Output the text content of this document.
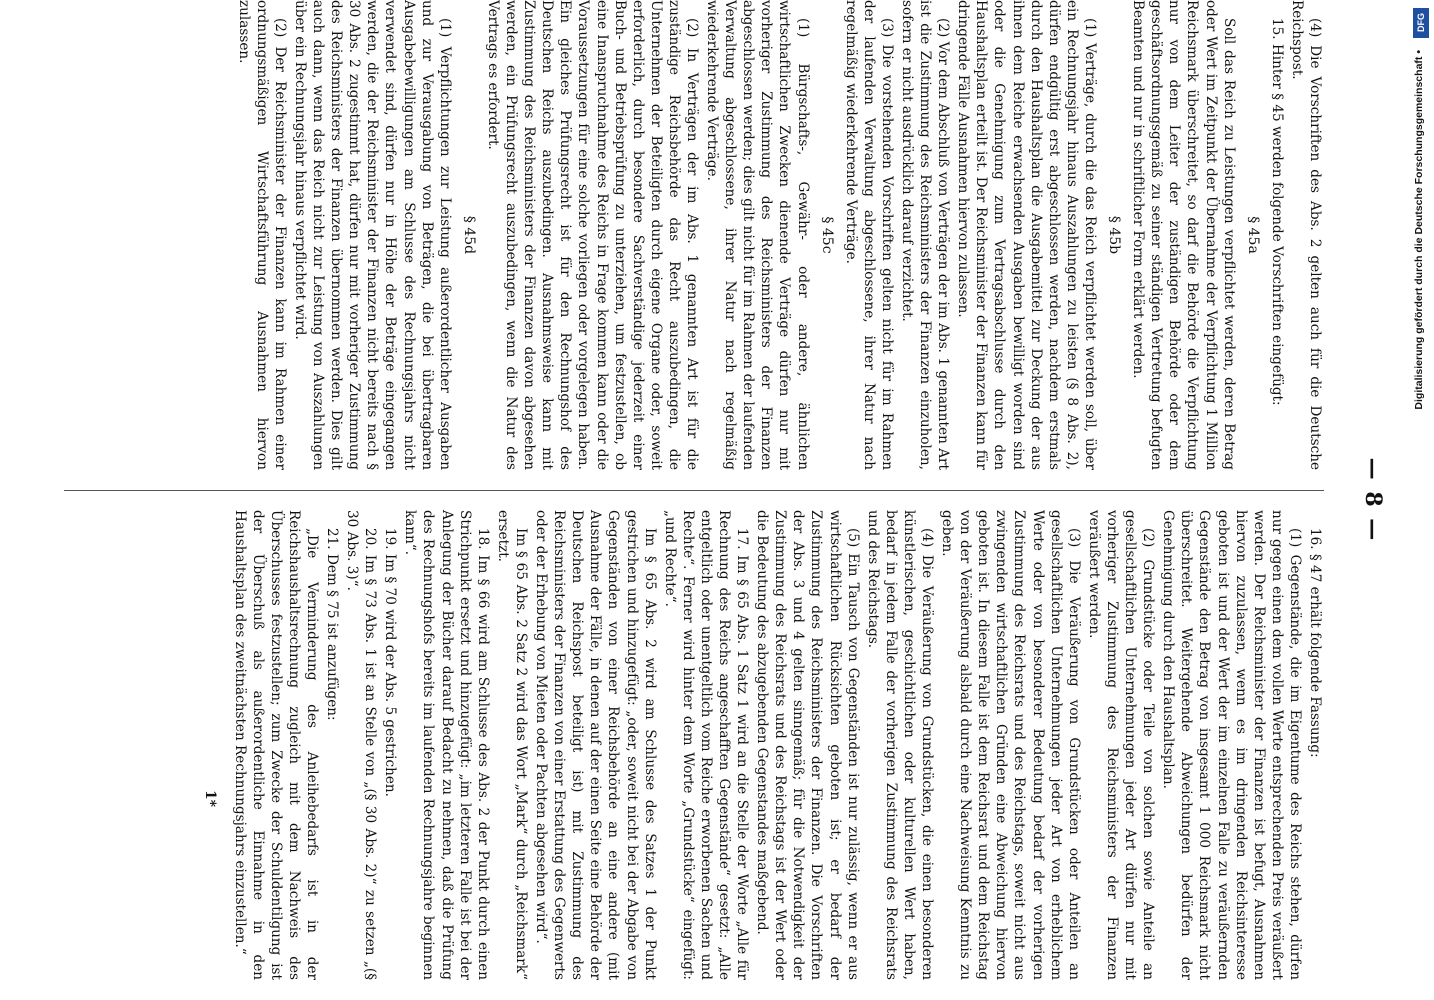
— 8 —

(4) Die Vorschriften des Abs. 2 gelten auch für die Deutsche Reichspost.

15. Hinter § 45 werden folgende Vorschriften eingefügt:

§ 45a

Soll das Reich zu Leistungen verpflichtet werden, deren Betrag oder Wert im Zeitpunkt der Übernahme der Verpflichtung 1 Million Reichsmark überschreitet, so darf die Behörde die Verpflichtung nur von dem Leiter der zuständigen Behörde oder dem geschäftsordnungsgemäß zu seiner ständigen Vertretung befugten Beamten und nur in schriftlicher Form erklärt werden.

§ 45b

(1) Verträge, durch die das Reich verpflichtet werden soll, über ein Rechnungsjahr hinaus Auszahlungen zu leisten (§ 8 Abs. 2), dürfen endgültig erst abgeschlossen werden, nachdem erstmals durch den Haushaltsplan die Ausgabemittel zur Deckung der aus ihnen dem Reiche erwachsenden Ausgaben bewilligt worden sind oder die Genehmigung zum Vertragsabschlusse durch den Haushaltsplan erteilt ist. Der Reichsminister der Finanzen kann für dringende Fälle Ausnahmen hiervon zulassen.

(2) Vor dem Abschluß von Verträgen der im Abs. 1 genannten Art ist die Zustimmung des Reichsministers der Finanzen einzuholen, sofern er nicht ausdrücklich darauf verzichtet.

(3) Die vorstehenden Vorschriften gelten nicht für im Rahmen der laufenden Verwaltung abgeschlossene, ihrer Natur nach regelmäßig wiederkehrende Verträge.

§ 45c

(1) Bürgschafts-, Gewähr- oder andere, ähnlichen wirtschaftlichen Zwecken dienende Verträge dürfen nur mit vorheriger Zustimmung des Reichsministers der Finanzen abgeschlossen werden; dies gilt nicht für im Rahmen der laufenden Verwaltung abgeschlossene, ihrer Natur nach regelmäßig wiederkehrende Verträge.

(2) In Verträgen der im Abs. 1 genannten Art ist für die zuständige Reichsbehörde das Recht auszubedingen, die Unternehmen der Beteiligten durch eigene Organe oder, soweit erforderlich, durch besondere Sachverständige jederzeit einer Buch- und Betriebsprüfung zu unterziehen, um festzustellen, ob eine Inanspruchnahme des Reichs in Frage kommen kann oder die Voraussetzungen für eine solche vorliegen oder vorgelegen haben. Ein gleiches Prüfungsrecht ist für den Rechnungshof des Deutschen Reichs auszubedingen. Ausnahmsweise kann mit Zustimmung des Reichsministers der Finanzen davon abgesehen werden, ein Prüfungsrecht auszubedingen, wenn die Natur des Vertrags es erfordert.

§ 45d

(1) Verpflichtungen zur Leistung außerordentlicher Ausgaben und zur Verausgabung von Beträgen, die bei übertragbaren Ausgabebewilligungen am Schlusse des Rechnungsjahrs nicht verwendet sind, dürfen nur in Höhe der Beträge eingegangen werden, die der Reichsminister der Finanzen nicht bereits nach § 30 Abs. 2 zugestimmt hat, dürfen nur mit vorheriger Zustimmung des Reichsministers der Finanzen übernommen werden. Dies gilt auch dann, wenn das Reich nicht zur Leistung von Auszahlungen über ein Rechnungsjahr hinaus verpflichtet wird.

(2) Der Reichsminister der Finanzen kann im Rahmen einer ordnungsmäßigen Wirtschaftsführung Ausnahmen hiervon zulassen.

16. § 47 erhält folgende Fassung:

(1) Gegenstände, die im Eigentume des Reichs stehen, dürfen nur gegen einen dem vollen Werte entsprechenden Preis veräußert werden. Der Reichsminister der Finanzen ist befugt, Ausnahmen hiervon zuzulassen, wenn es im dringenden Reichsinteresse geboten ist und der Wert der im einzelnen Falle zu veräußernden Gegenstände den Betrag von insgesamt 1 000 Reichsmark nicht überschreitet. Weitergehende Abweichungen bedürfen der Genehmigung durch den Haushaltsplan.

(2) Grundstücke oder Teile von solchen sowie Anteile an gesellschaftlichen Unternehmungen jeder Art dürfen nur mit vorheriger Zustimmung des Reichsministers der Finanzen veräußert werden.

(3) Die Veräußerung von Grundstücken oder Anteilen an gesellschaftlichen Unternehmungen jeder Art von erheblichem Werte oder von besonderer Bedeutung bedarf der vorherigen Zustimmung des Reichsrats und des Reichstags, soweit nicht aus zwingenden wirtschaftlichen Gründen eine Abweichung hiervon geboten ist. In diesem Falle ist dem Reichsrat und dem Reichstag von der Veräußerung alsbald durch eine Nachweisung Kenntnis zu geben.

(4) Die Veräußerung von Grundstücken, die einen besonderen künstlerischen, geschichtlichen oder kulturellen Wert haben, bedarf in jedem Falle der vorherigen Zustimmung des Reichsrats und des Reichstags.

(5) Ein Tausch von Gegenständen ist nur zulässig, wenn er aus wirtschaftlichen Rücksichten geboten ist; er bedarf der Zustimmung des Reichsministers der Finanzen. Die Vorschriften der Abs. 3 und 4 gelten sinngemäß; für die Notwendigkeit der Zustimmung des Reichsrats und des Reichstags ist der Wert oder die Bedeutung des abzugebenden Gegenstandes maßgebend.

17. Im § 65 Abs. 1 Satz 1 wird an die Stelle der Worte „Alle für Rechnung des Reichs angeschafften Gegenstände“ gesetzt: „Alle entgeltlich oder unentgeltlich vom Reiche erworbenen Sachen und Rechte“. Ferner wird hinter dem Worte „Grundstücke“ eingefügt: „und Rechte“.

Im § 65 Abs. 2 wird am Schlusse des Satzes 1 der Punkt gestrichen und hinzugefügt: „oder, soweit nicht bei der Abgabe von Gegenständen von einer Reichsbehörde an eine andere (mit Ausnahme der Fälle, in denen auf der einen Seite eine Behörde der Deutschen Reichspost beteiligt ist) mit Zustimmung des Reichsministers der Finanzen von einer Erstattung des Gegenwerts oder der Erhebung von Mieten oder Pachten abgesehen wird“.

Im § 65 Abs. 2 Satz 2 wird das Wort „Mark“ durch „Reichsmark“ ersetzt.

18. Im § 66 wird am Schlusse des Abs. 2 der Punkt durch einen Strichpunkt ersetzt und hinzugefügt: „im letzteren Falle ist bei der Anlegung der Bücher darauf Bedacht zu nehmen, daß die Prüfung des Rechnungshofs bereits im laufenden Rechnungsjahre beginnen kann“.

19. Im § 70 wird der Abs. 5 gestrichen.

20. Im § 73 Abs. 1 ist an Stelle von „(§ 30 Abs. 2)“ zu setzen „(§ 30 Abs. 3)“.

21. Dem § 75 ist anzufügen:

„Die Verminderung des Anleihebedarfs ist in der Reichshaushaltsrechnung zugleich mit dem Nachweis des Überschusses festzustellen; zum Zwecke der Schuldentilgung ist der Überschuß als außerordentliche Einnahme in den Haushaltsplan des zweitnächsten Rechnungsjahrs einzustellen.“

1*
DFG
Digitalisierung gefördert durch die Deutsche Forschungsgemeinschaft •
